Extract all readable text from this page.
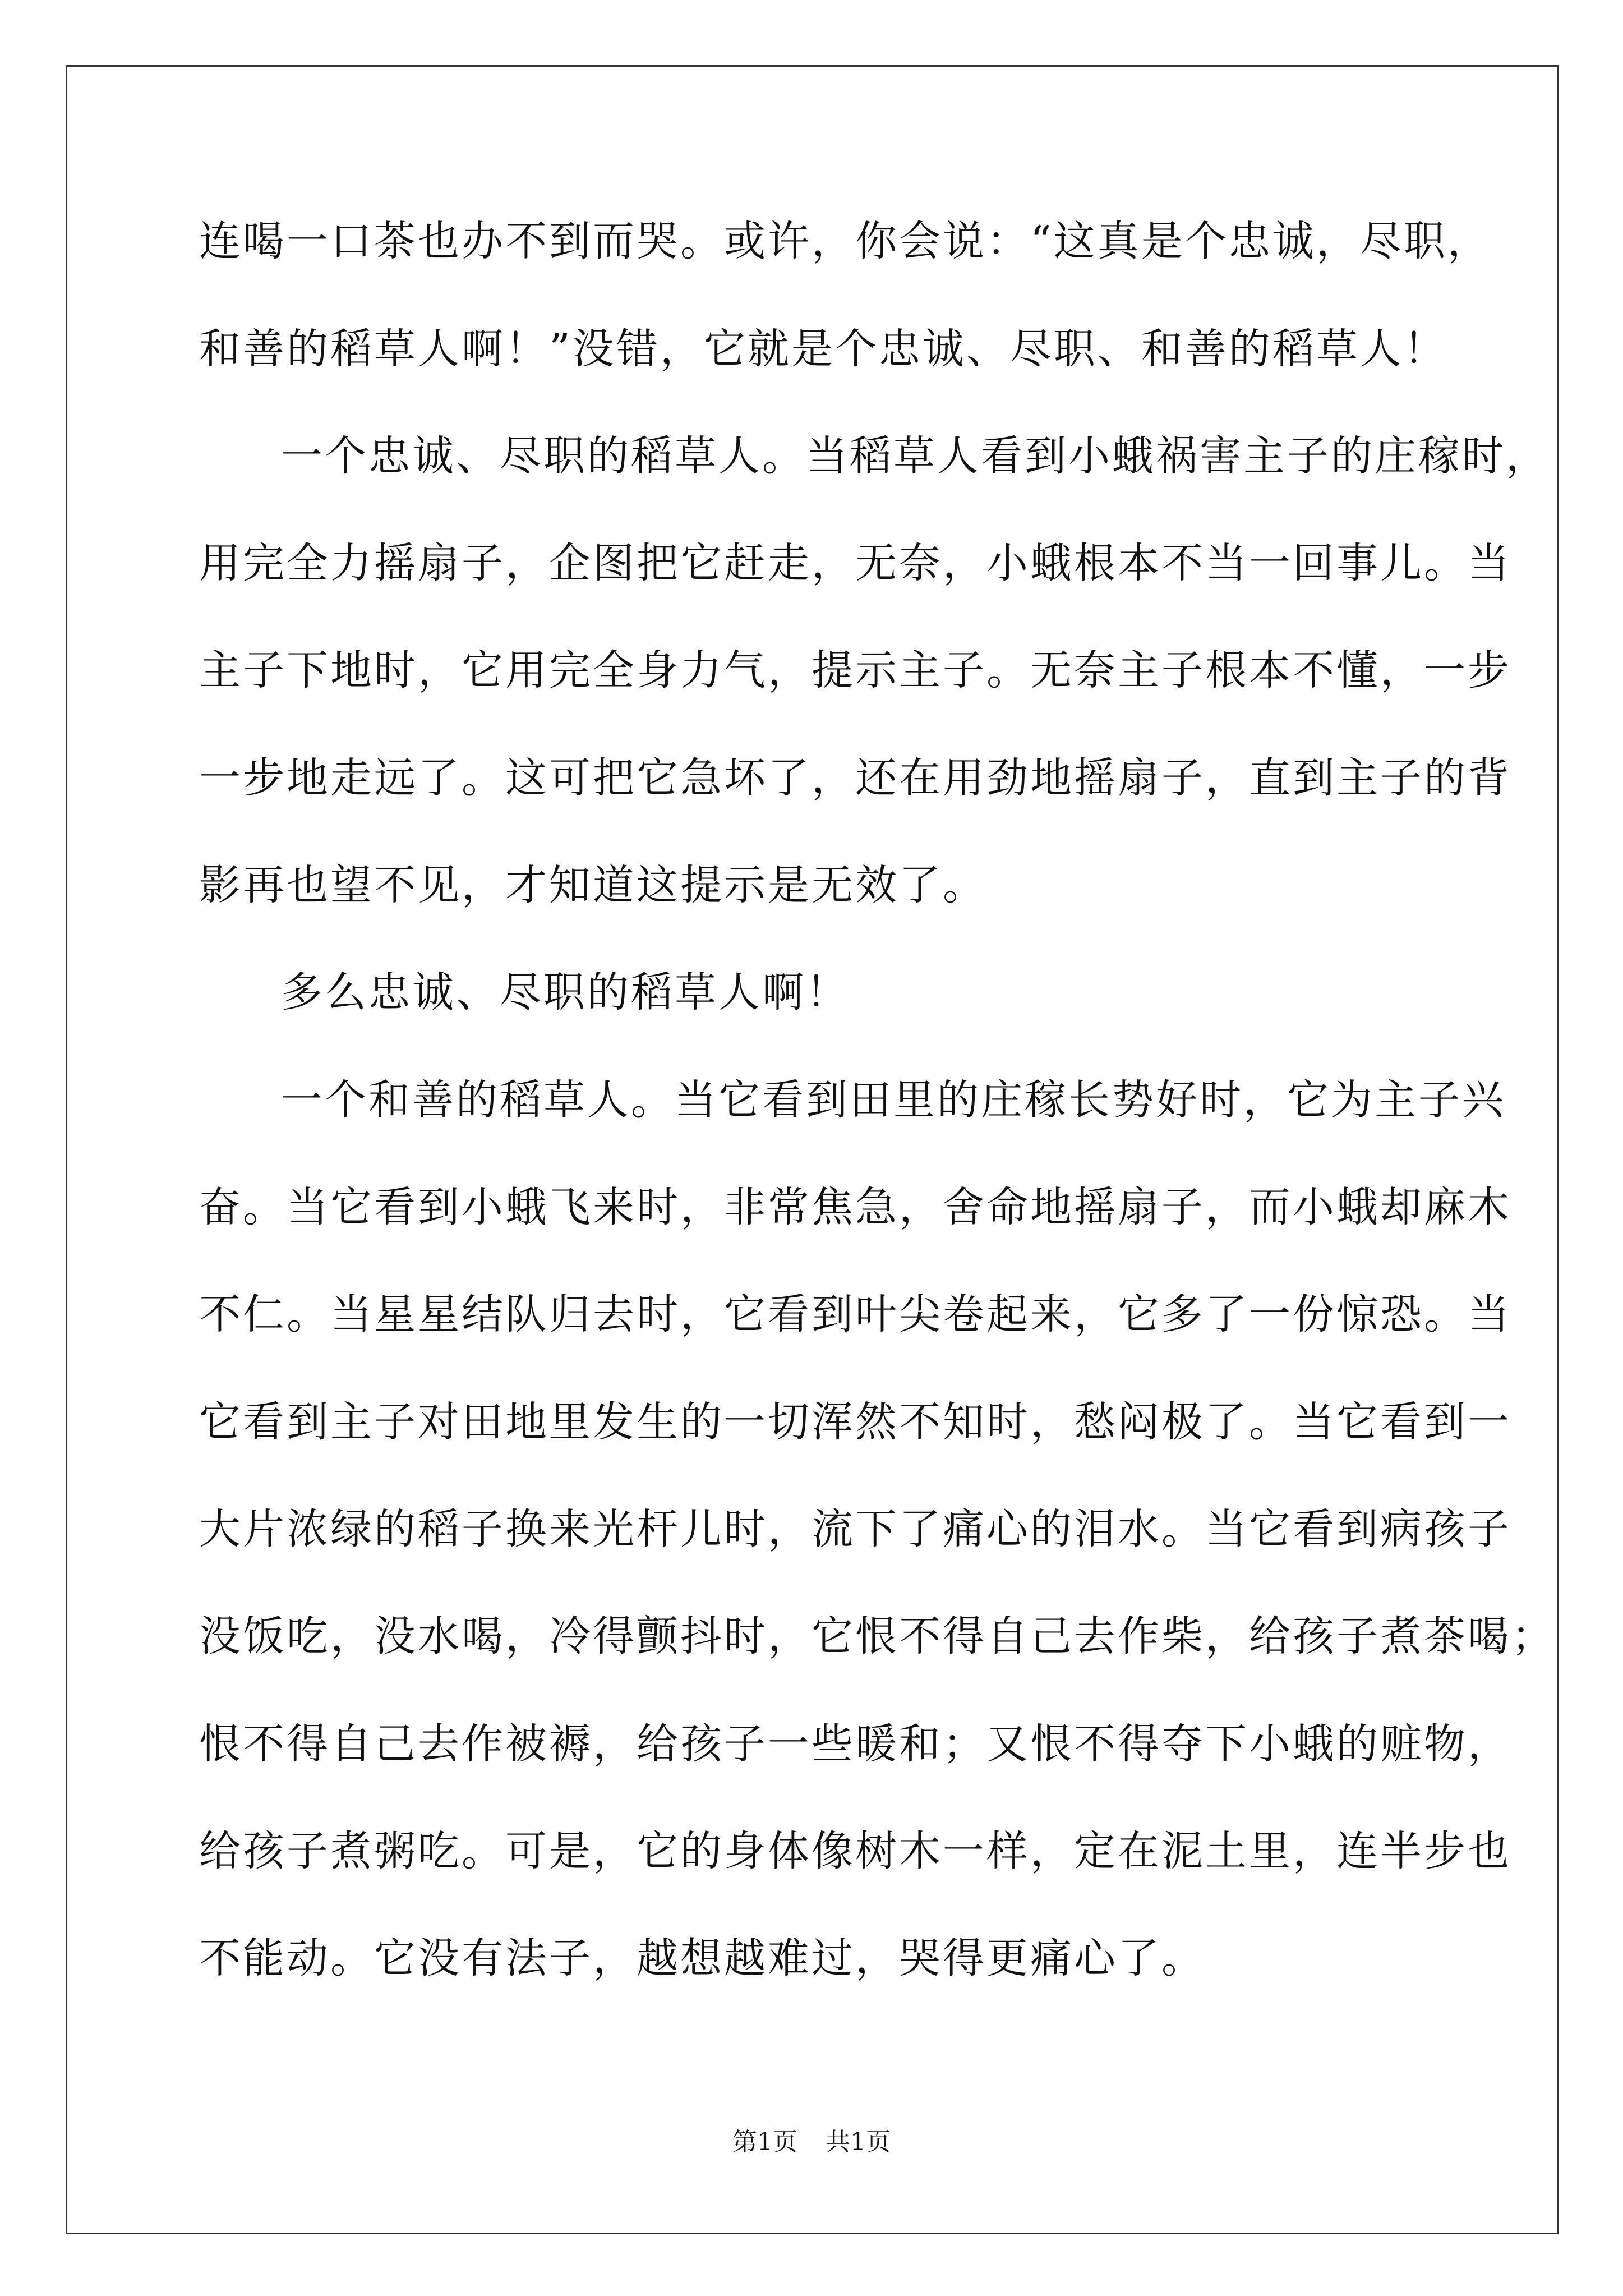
连喝一口茶也办不到而哭。或许，你会说：“这真是个忠诚，尽职，
和善的稻草人啊！”没错，它就是个忠诚、尽职、和善的稻草人！
一个忠诚、尽职的稻草人。当稻草人看到小蛾祸害主子的庄稼时，
用完全力摇扇子，企图把它赶走，无奈，小蛾根本不当一回事儿。当
主子下地时，它用完全身力气，提示主子。无奈主子根本不懂，一步
一步地走远了。这可把它急坏了，还在用劲地摇扇子，直到主子的背
影再也望不见，才知道这提示是无效了。
多么忠诚、尽职的稻草人啊！
一个和善的稻草人。当它看到田里的庄稼长势好时，它为主子兴
奋。当它看到小蛾飞来时，非常焦急，舍命地摇扇子，而小蛾却麻木
不仁。当星星结队归去时，它看到叶尖卷起来，它多了一份惊恐。当
它看到主子对田地里发生的一切浑然不知时，愁闷极了。当它看到一
大片浓绿的稻子换来光杆儿时，流下了痛心的泪水。当它看到病孩子
没饭吃，没水喝，冷得颤抖时，它恨不得自己去作柴，给孩子煮茶喝；
恨不得自己去作被褥，给孩子一些暖和；又恨不得夺下小蛾的赃物，
给孩子煮粥吃。可是，它的身体像树木一样，定在泥土里，连半步也
不能动。它没有法子，越想越难过，哭得更痛心了。
第1页 共1页
